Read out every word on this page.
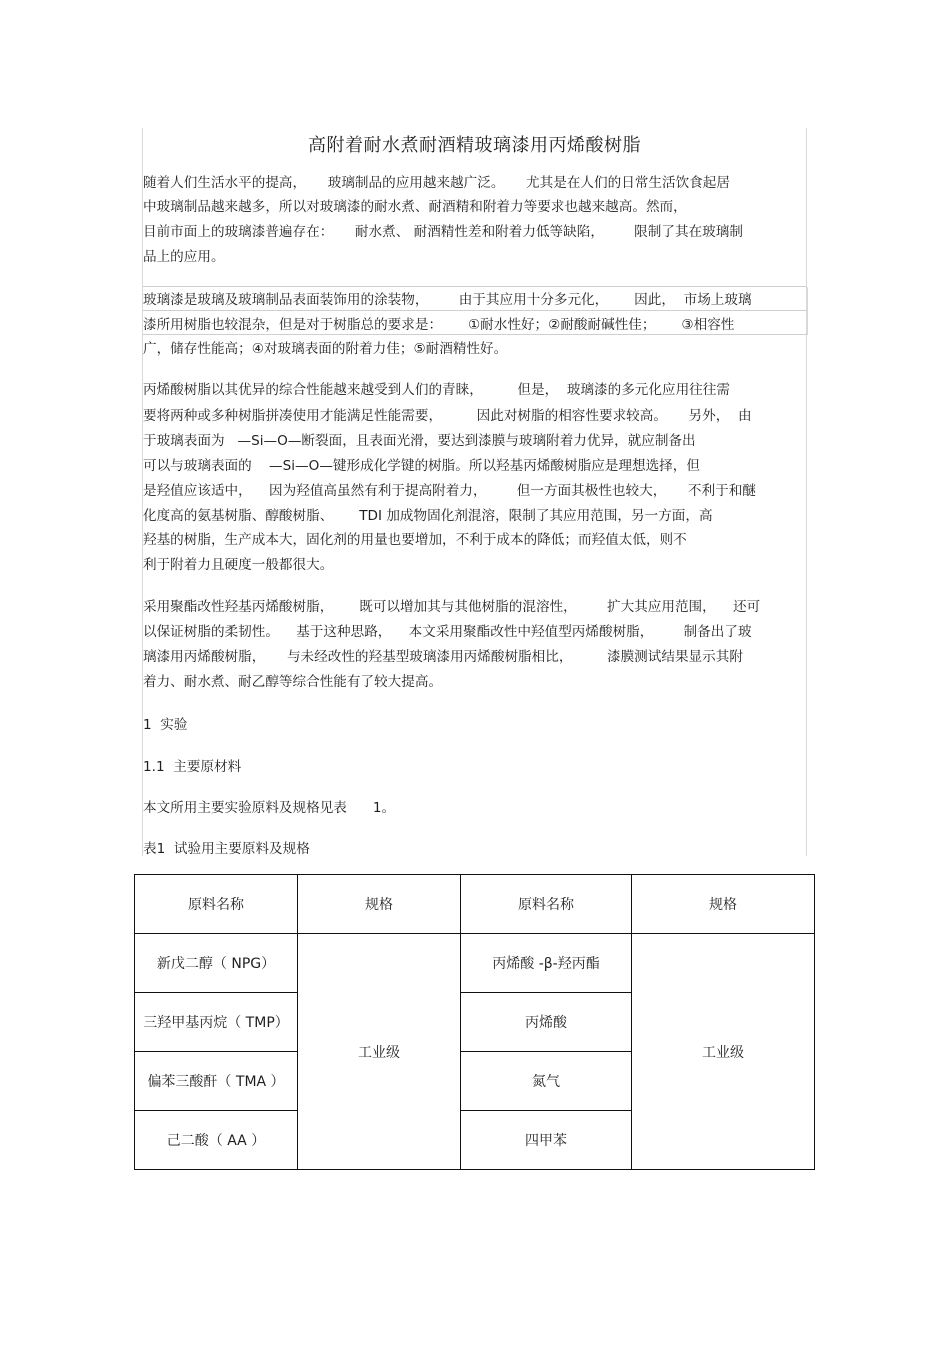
高附着耐水煮耐酒精玻璃漆用丙烯酸树脂
随着人们生活水平的提高，     玻璃制品的应用越来越广泛。     尤其是在人们的日常生活饮食起居
中玻璃制品越来越多，所以对玻璃漆的耐水煮、耐酒精和附着力等要求也越来越高。然而，
目前市面上的玻璃漆普遍存在：     耐水煮、 耐酒精性差和附着力低等缺陷，       限制了其在玻璃制
品上的应用。
玻璃漆是玻璃及玻璃制品表面装饰用的涂装物，       由于其应用十分多元化，      因此，  市场上玻璃
漆所用树脂也较混杂，但是对于树脂总的要求是：      ①耐水性好；②耐酸耐碱性佳；      ③相容性
广，储存性能高；④对玻璃表面的附着力佳；⑤耐酒精性好。
丙烯酸树脂以其优异的综合性能越来越受到人们的青睐，        但是，  玻璃漆的多元化应用往往需
要将两种或多种树脂拼凑使用才能满足性能需要，        因此对树脂的相容性要求较高。     另外，  由
于玻璃表面为   —Si—O—断裂面，且表面光滑，要达到漆膜与玻璃附着力优异，就应制备出
可以与玻璃表面的    —Si—O—键形成化学键的树脂。所以羟基丙烯酸树脂应是理想选择，但
是羟值应该适中，    因为羟值高虽然有利于提高附着力，       但一方面其极性也较大，     不利于和醚
化度高的氨基树脂、醇酸树脂、      TDI 加成物固化剂混溶，限制了其应用范围，另一方面，高
羟基的树脂，生产成本大，固化剂的用量也要增加，不利于成本的降低；而羟值太低，则不
利于附着力且硬度一般都很大。
采用聚酯改性羟基丙烯酸树脂，      既可以增加其与其他树脂的混溶性，       扩大其应用范围，    还可
以保证树脂的柔韧性。    基于这种思路，    本文采用聚酯改性中羟值型丙烯酸树脂，       制备出了玻
璃漆用丙烯酸树脂，     与未经改性的羟基型玻璃漆用丙烯酸树脂相比，        漆膜测试结果显示其附
着力、耐水煮、耐乙醇等综合性能有了较大提高。
1  实验
1.1  主要原材料
本文所用主要实验原料及规格见表      1。
表1  试验用主要原料及规格
原料名称	规格	原料名称	规格
新戊二醇（ NPG）	工业级	丙烯酸 -β-羟丙酯	工业级
三羟甲基丙烷（ TMP）		丙烯酸	
偏苯三酸酐（ TMA ）		氮气	
己二酸（ AA ）		四甲苯	
